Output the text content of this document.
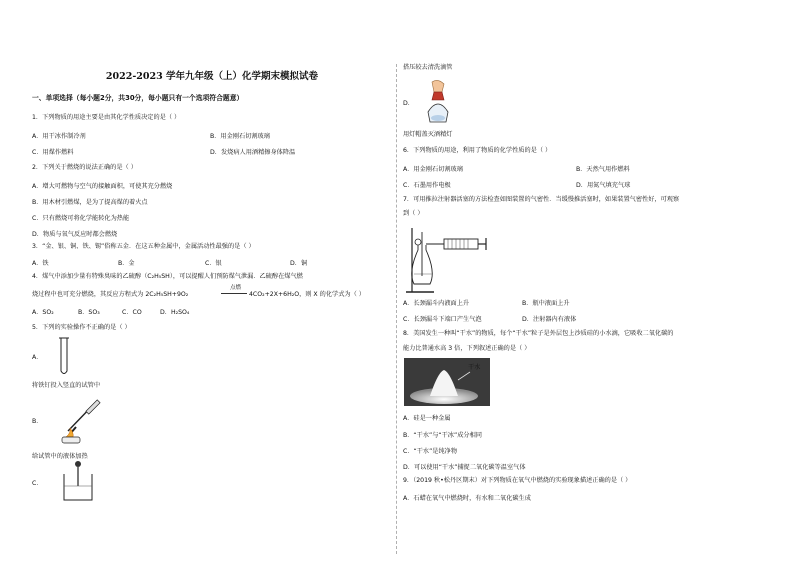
2022-2023 学年九年级（上）化学期末模拟试卷
一、单项选择（每小题2分，共30分，每小题只有一个选项符合题意）
1．下列物质的用途主要是由其化学性质决定的是（ ）
A．用干冰作制冷剂	B．用金刚石切割玻璃
C．用煤作燃料	D．发烧病人用酒精擦身体降温
2．下列关于燃烧的说法正确的是（ ）
A．增大可燃物与空气的接触面积，可使其充分燃烧
B．用木材引燃煤，是为了提高煤的着火点
C．只有燃烧可将化学能转化为热能
D．物质与氧气反应时都会燃烧
3．“金、银、铜、铁、锡”俗称五金．在这五种金属中，金属活动性最强的是（ ）
A．铁	B．金	C．银	D．铜
4．煤气中添加少量有特殊臭味的乙硫醇（C₂H₅SH），可以提醒人们预防煤气泄漏．乙硫醇在煤气燃
烧过程中也可充分燃烧，其反应方程式为 2C₂H₅SH+9O₂
点燃
4CO₂+2X+6H₂O，则 X 的化学式为（ ）
A．SO₂	B．SO₃	C．CO	D．H₂SO₄
5．下列的实验操作不正确的是（ ）
A．
将铁钉投入竖直的试管中
B．
给试管中的液体加热
C．
搭压较去清洗滴管
D．
用灯帽盖灭酒精灯
6．下列物质的用途，利用了物质的化学性质的是（ ）
A．用金刚石切割玻璃	B．天然气用作燃料
C．石墨用作电极	D．用氮气填充气球
7．可用推拉注射器活塞的方法检查如图装置的气密性．当缓慢推活塞时，如果装置气密性好，可观察
到（ ）
A．长颈漏斗内液面上升	B．瓶中液面上升
C．长颈漏斗下端口产生气泡	D．注射器内有液体
8．美国发生一种叫“干水”的物质，每个“干水”粒子是外层包上沙质硅的小水滴，它吸收二氧化碳的
能力比普通水高 3 倍，下列叙述正确的是（ ）
干水
A．硅是一种金属
B．“干水”与“干冰”成分相同
C．“干水”是纯净物
D．可以使用“干水”捕捉二氧化碳等温室气体
9．（2019 秋•松丹区期末）对下列物质在氧气中燃烧的实验现象描述正确的是（ ）
A．石蜡在氧气中燃烧时，有水和二氧化碳生成
